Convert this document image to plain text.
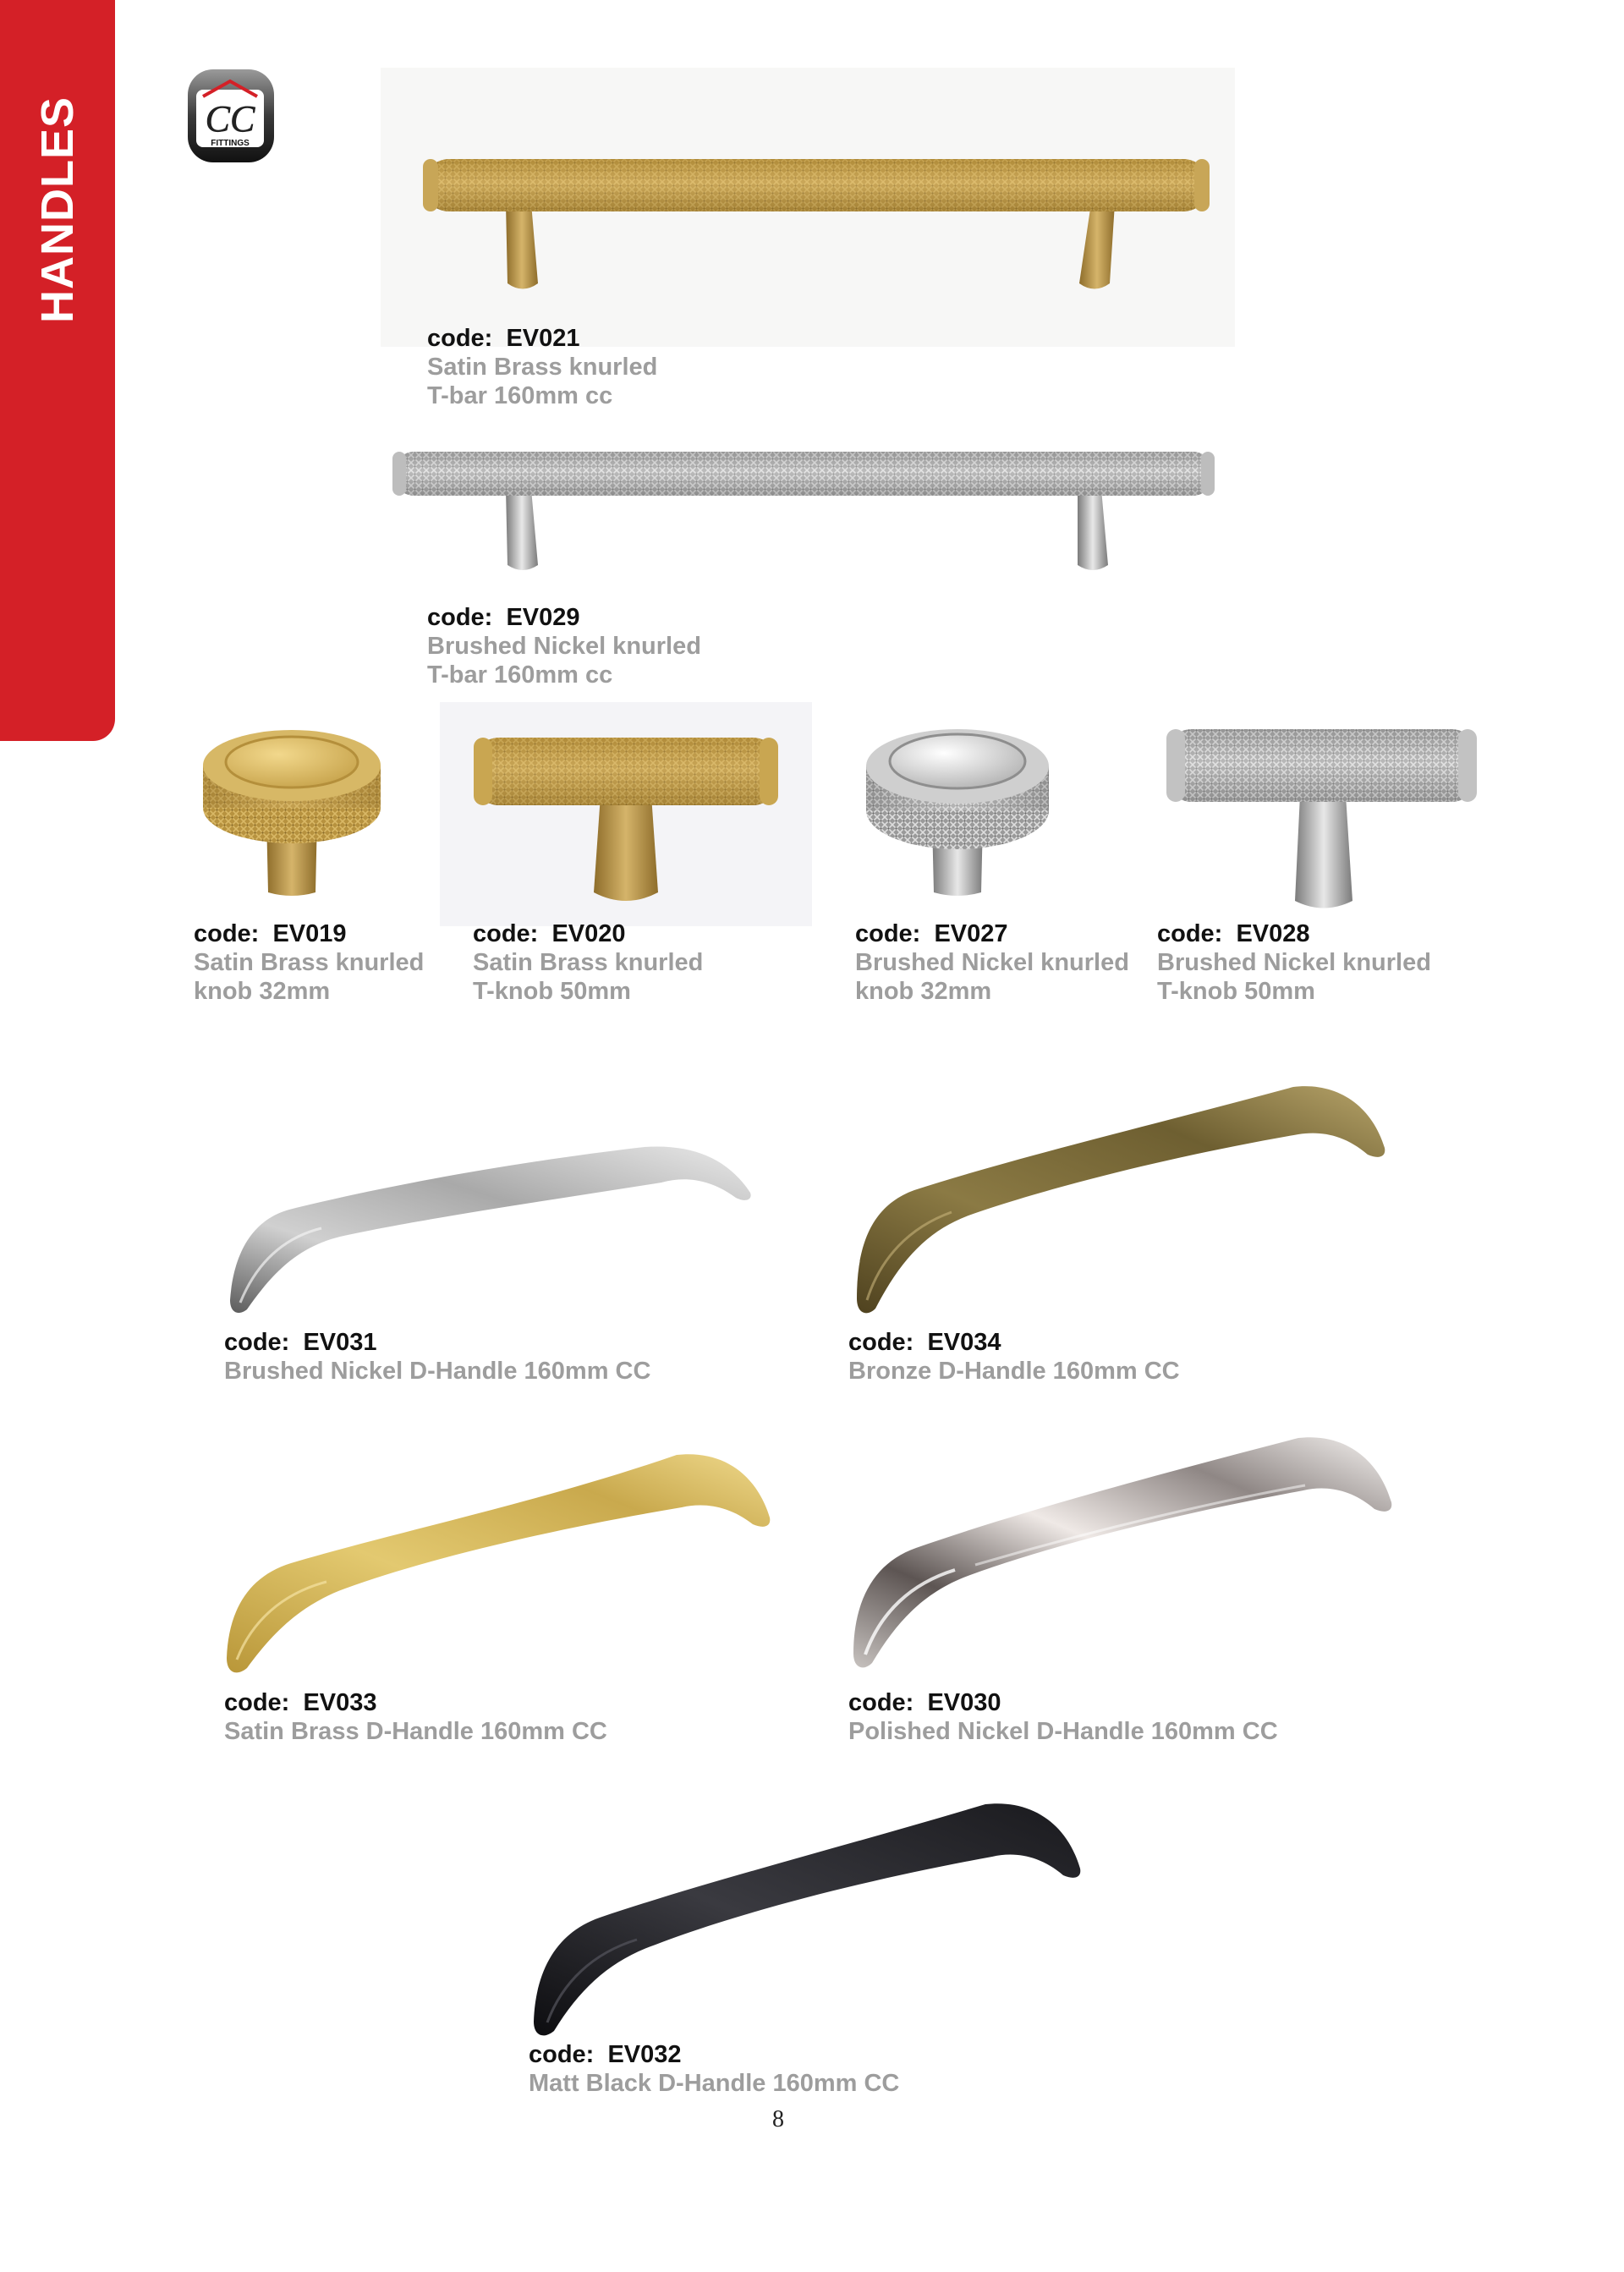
HANDLES	CC
FITTINGS
code: EV021
Satin Brass knurled
T-bar 160mm cc
code: EV029
Brushed Nickel knurled
T-bar 160mm cc
code: EV019
Satin Brass knurled
knob 32mm
code: EV020
Satin Brass knurled
T-knob 50mm
code: EV027
Brushed Nickel knurled
knob 32mm
code: EV028
Brushed Nickel knurled
T-knob 50mm
code: EV031
Brushed Nickel D-Handle 160mm CC
code: EV034
Bronze D-Handle 160mm CC
code: EV033
Satin Brass D-Handle 160mm CC
code: EV030
Polished Nickel D-Handle 160mm CC
code: EV032
Matt Black D-Handle 160mm CC
8
